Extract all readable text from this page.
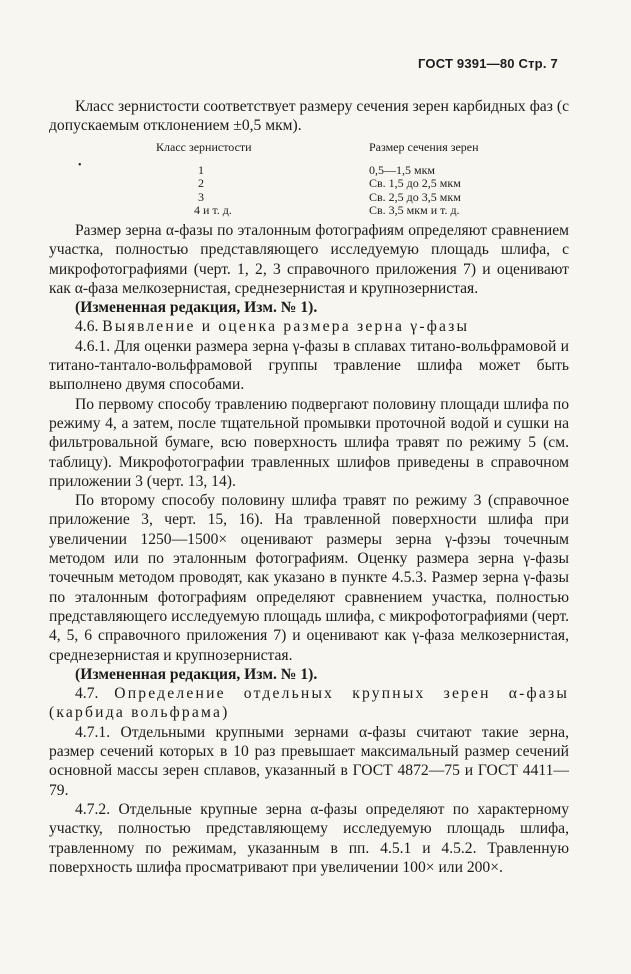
ГОСТ 9391—80 Стр. 7

Класс зернистости соответствует размеру сечения зерен карбидных фаз (с допускаемым отклонением ±0,5 мкм).

•
Класс зернистости	Размер сечения зерен
1	0,5—1,5 мкм
2	Св. 1,5 до 2,5 мкм
3	Св. 2,5 до 3,5 мкм
4 и т. д.	Св. 3,5 мкм и т. д.

Размер зерна α-фазы по эталонным фотографиям определяют сравнением участка, полностью представляющего исследуемую площадь шлифа, с микрофотографиями (черт. 1, 2, 3 справочного приложения 7) и оценивают как α-фаза мелкозернистая, среднезернистая и крупнозернистая.

(Измененная редакция, Изм. № 1).

4.6. Выявление и оценка размера зерна γ-фазы

4.6.1. Для оценки размера зерна γ-фазы в сплавах титано-вольфрамовой и титано-тантало-вольфрамовой группы травление шлифа может быть выполнено двумя способами.

По первому способу травлению подвергают половину площади шлифа по режиму 4, а затем, после тщательной промывки проточной водой и сушки на фильтровальной бумаге, всю поверхность шлифа травят по режиму 5 (см. таблицу). Микрофотографии травленных шлифов приведены в справочном приложении 3 (черт. 13, 14).

По второму способу половину шлифа травят по режиму 3 (справочное приложение 3, черт. 15, 16). На травленной поверхности шлифа при увеличении 1250—1500× оценивают размеры зерна γ-фзэы точечным методом или по эталонным фотографиям. Оценку размера зерна γ-фазы точечным методом проводят, как указано в пункте 4.5.3. Размер зерна γ-фазы по эталонным фотографиям определяют сравнением участка, полностью представляющего исследуемую площадь шлифа, с микрофотографиями (черт. 4, 5, 6 справочного приложения 7) и оценивают как γ-фаза мелкозернистая, среднезернистая и крупнозернистая.

(Измененная редакция, Изм. № 1).

4.7. Определение отдельных крупных зерен α-фазы (карбида вольфрама)

4.7.1. Отдельными крупными зернами α-фазы считают такие зерна, размер сечений которых в 10 раз превышает максимальный размер сечений основной массы зерен сплавов, указанный в ГОСТ 4872—75 и ГОСТ 4411—79.

4.7.2. Отдельные крупные зерна α-фазы определяют по характерному участку, полностью представляющему исследуемую площадь шлифа, травленному по режимам, указанным в пп. 4.5.1 и 4.5.2. Травленную поверхность шлифа просматривают при увеличении 100× или 200×.
